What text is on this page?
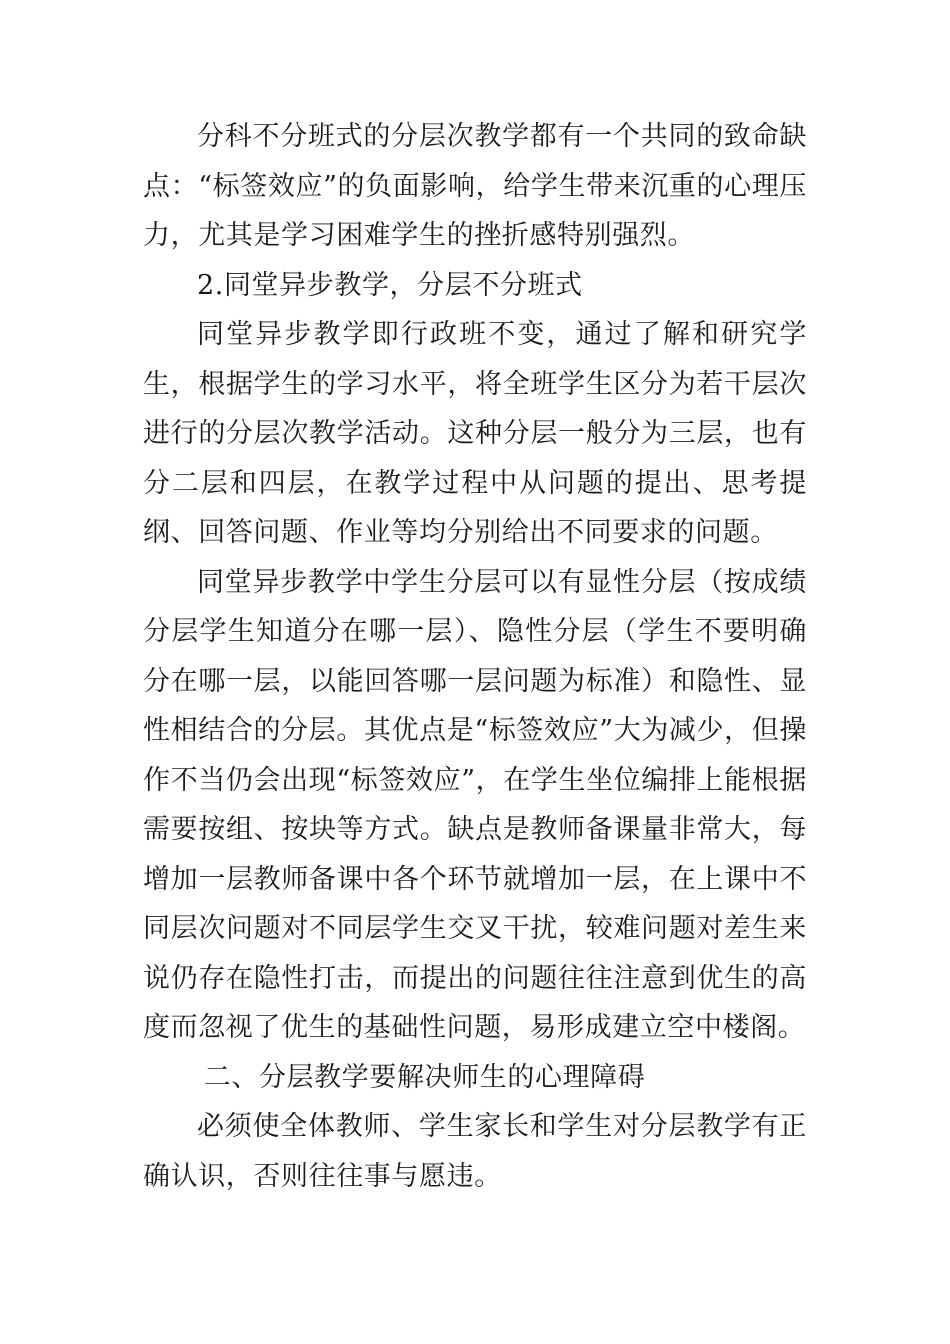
分科不分班式的分层次教学都有一个共同的致命缺点：“标签效应”的负面影响，给学生带来沉重的心理压力，尤其是学习困难学生的挫折感特别强烈。

2.同堂异步教学，分层不分班式

同堂异步教学即行政班不变，通过了解和研究学生，根据学生的学习水平，将全班学生区分为若干层次进行的分层次教学活动。这种分层一般分为三层，也有分二层和四层，在教学过程中从问题的提出、思考提纲、回答问题、作业等均分别给出不同要求的问题。

同堂异步教学中学生分层可以有显性分层（按成绩分层学生知道分在哪一层）、隐性分层（学生不要明确分在哪一层，以能回答哪一层问题为标准）和隐性、显性相结合的分层。其优点是“标签效应”大为减少，但操作不当仍会出现“标签效应”，在学生坐位编排上能根据需要按组、按块等方式。缺点是教师备课量非常大，每增加一层教师备课中各个环节就增加一层，在上课中不同层次问题对不同层学生交叉干扰，较难问题对差生来说仍存在隐性打击，而提出的问题往往注意到优生的高度而忽视了优生的基础性问题，易形成建立空中楼阁。

二、分层教学要解决师生的心理障碍

必须使全体教师、学生家长和学生对分层教学有正确认识，否则往往事与愿违。
